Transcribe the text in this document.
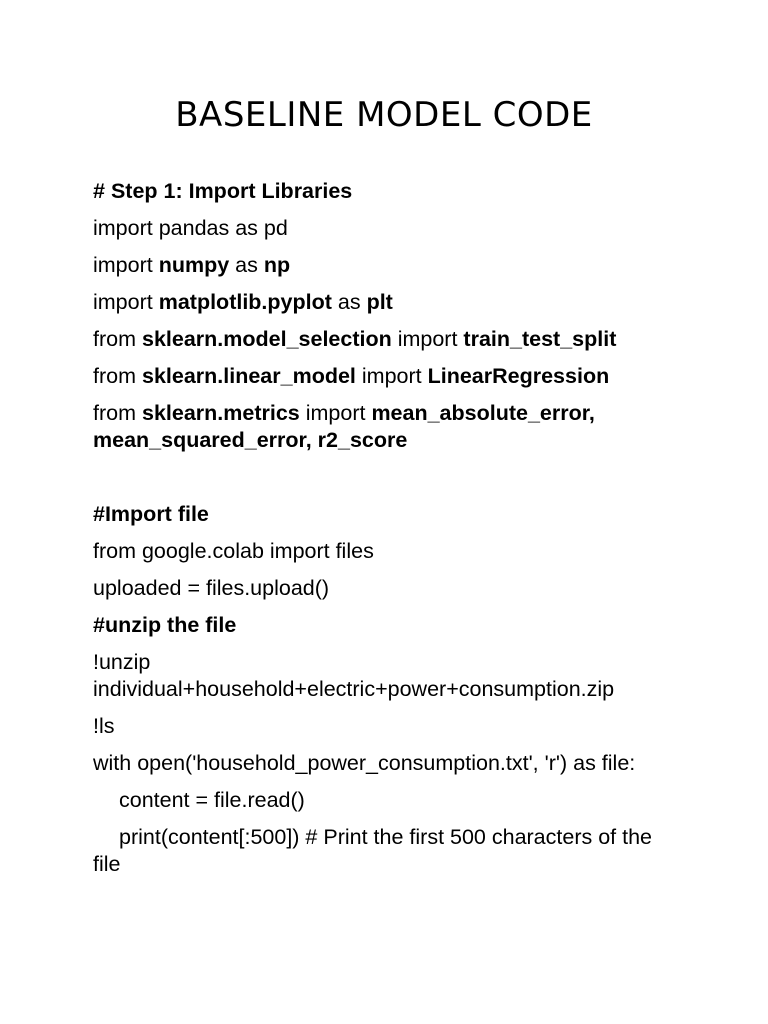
BASELINE MODEL CODE

# Step 1: Import Libraries

import pandas as pd

import numpy as np

import matplotlib.pyplot as plt

from sklearn.model_selection import train_test_split

from sklearn.linear_model import LinearRegression

from sklearn.metrics import mean_absolute_error, mean_squared_error, r2_score

#Import file

from google.colab import files

uploaded = files.upload()

#unzip the file

!unzip individual+household+electric+power+consumption.zip

!ls

with open('household_power_consumption.txt', 'r') as file:

content = file.read()

print(content[:500]) # Print the first 500 characters of the file
